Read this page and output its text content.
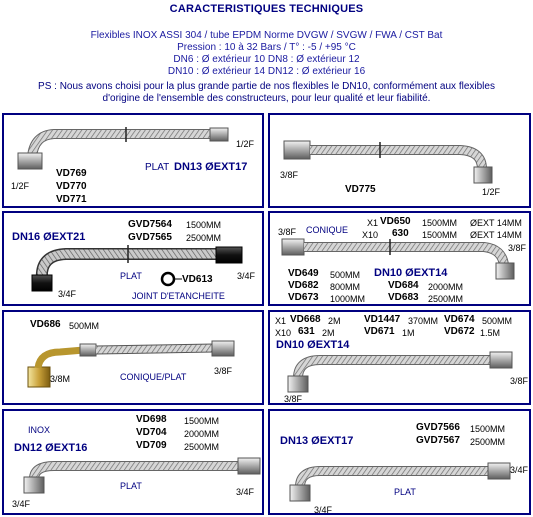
CARACTERISTIQUES TECHNIQUES
Flexibles INOX ASSI 304 / tube EPDM Norme DVGW / SVGW / FWA / CST Bat
Pression : 10 à 32 Bars / T° : -5 / +95 °C
DN6 : Ø extérieur 10 DN8 : Ø extérieur 12
DN10 : Ø extérieur 14 DN12 : Ø extérieur 16
PS : Nous avons choisi pour la plus grande partie de nos flexibles le DN10, conformément aux flexibles
d'origine de l'ensemble des constructeurs, pour leur qualité et leur fiabilité.
1/2F
1/2F
PLAT DN13 ØEXT17
VD769
VD770
VD771
3/8F
1/2F
VD775
DN16 ØEXT21
GVD7564 1500MM
GVD7565 2500MM
PLAT	VD613
JOINT D'ETANCHEITE
3/4F
3/4F
3/8F CONIQUE
X1 VD650 1500MM ØEXT 14MM
X10 630 1500MM ØEXT 14MM
3/8F
VD649 500MM
VD682 800MM
VD673 1000MM
DN10 ØEXT14
VD684 2000MM
VD683 2500MM
VD686 500MM
3/8M	CONIQUE/PLAT
3/8F
X1 VD668 2M VD1447 370MM VD674 500MM
X10 631 2M	VD671 1M	VD672 1.5M
DN10 ØEXT14
3/8F
3/8F
INOX
DN12 ØEXT16
VD698 1500MM
VD704 2000MM
VD709 2500MM
PLAT
3/4F
3/4F
DN13 ØEXT17
GVD7566 1500MM
GVD7567 2500MM
3/4F
PLAT
3/4F
